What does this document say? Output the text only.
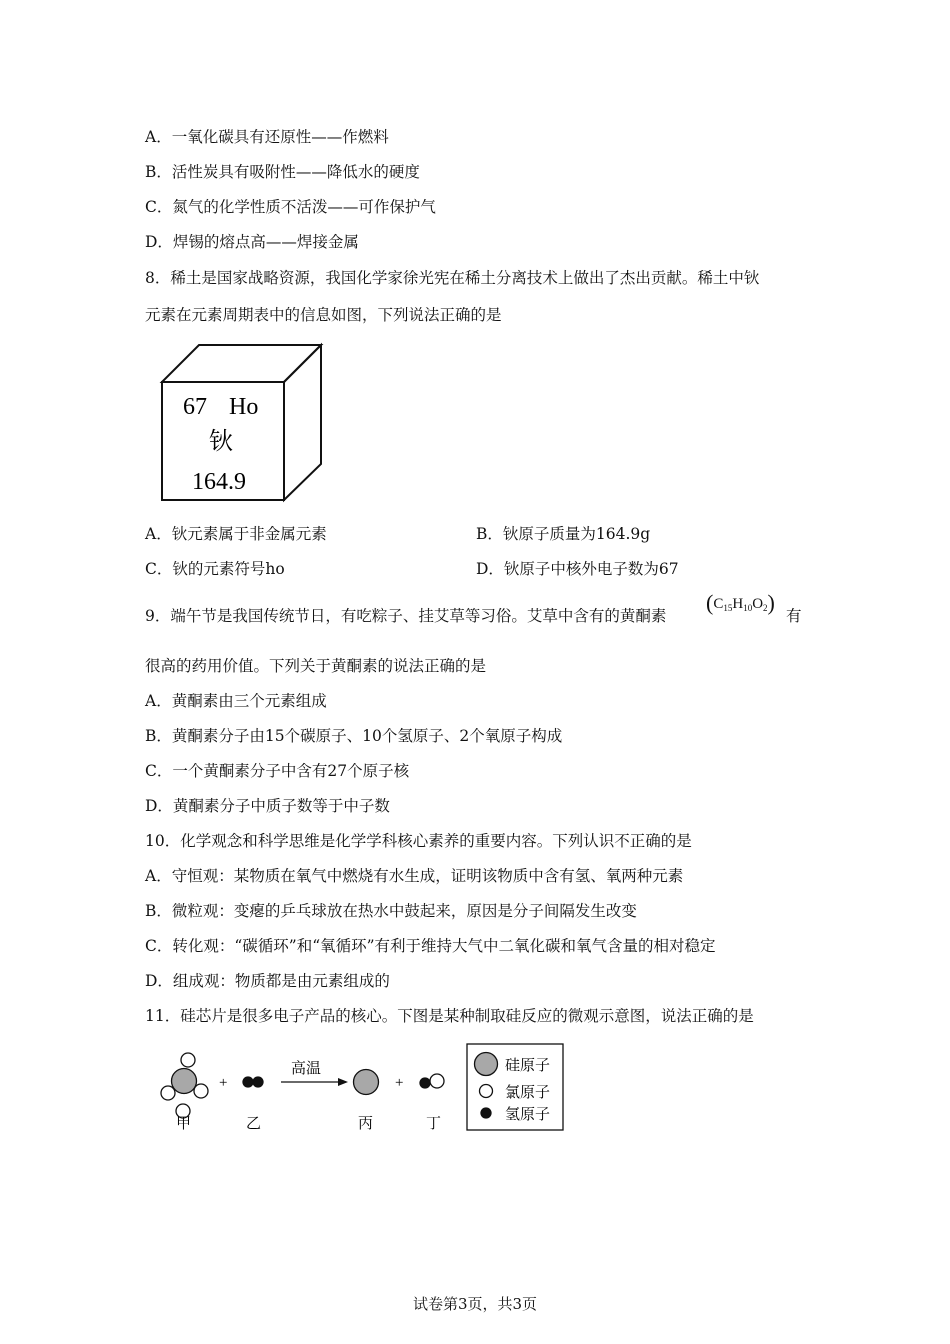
A．一氧化碳具有还原性——作燃料
B．活性炭具有吸附性——降低水的硬度
C．氮气的化学性质不活泼——可作保护气
D．焊锡的熔点高——焊接金属
8．稀土是国家战略资源，我国化学家徐光宪在稀土分离技术上做出了杰出贡献。稀土中钬
元素在元素周期表中的信息如图，下列说法正确的是
67 Ho
钬
164.9
A．钬元素属于非金属元素	B．钬原子质量为164.9g
C．钬的元素符号ho	D．钬原子中核外电子数为67
9．端午节是我国传统节日，有吃粽子、挂艾草等习俗。艾草中含有的黄酮素
$(C_{15}H_{10}O_2)$
有
很高的药用价值。下列关于黄酮素的说法正确的是
A．黄酮素由三个元素组成
B．黄酮素分子由15个碳原子、10个氢原子、2个氧原子构成
C．一个黄酮素分子中含有27个原子核
D．黄酮素分子中质子数等于中子数
10．化学观念和科学思维是化学学科核心素养的重要内容。下列认识不正确的是
A．守恒观：某物质在氧气中燃烧有水生成，证明该物质中含有氢、氧两种元素
B．微粒观：变瘪的乒乓球放在热水中鼓起来，原因是分子间隔发生改变
C．转化观：“碳循环”和“氧循环”有利于维持大气中二氧化碳和氧气含量的相对稳定
D．组成观：物质都是由元素组成的
11．硅芯片是很多电子产品的核心。下图是某种制取硅反应的微观示意图，说法正确的是
+	+
高温
甲	乙	丙	丁
硅原子
氯原子
氢原子
试卷第3页，共3页
